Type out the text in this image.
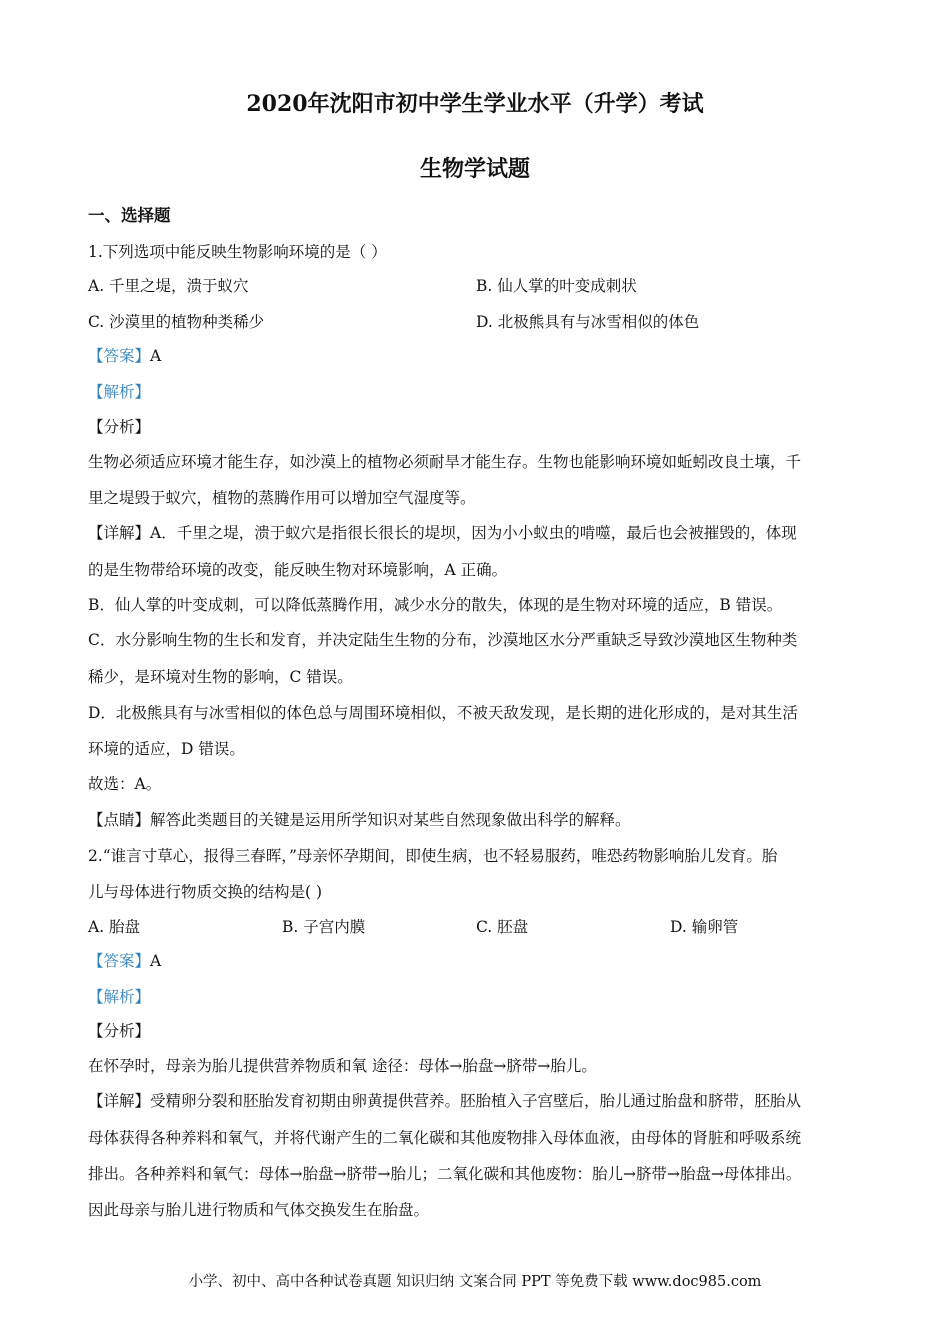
2020年沈阳市初中学生学业水平（升学）考试
生物学试题
一、选择题
1.下列选项中能反映生物影响环境的是（ ）
A. 千里之堤，溃于蚁穴	B. 仙人掌的叶变成刺状
C. 沙漠里的植物种类稀少	D. 北极熊具有与冰雪相似的体色
【答案】A
【解析】
【分析】
生物必须适应环境才能生存，如沙漠上的植物必须耐旱才能生存。生物也能影响环境如蚯蚓改良土壤，千
里之堤毁于蚁穴，植物的蒸腾作用可以增加空气湿度等。
【详解】A．千里之堤，溃于蚁穴是指很长很长的堤坝，因为小小蚁虫的啃噬，最后也会被摧毁的，体现
的是生物带给环境的改变，能反映生物对环境影响，A 正确。
B．仙人掌的叶变成刺，可以降低蒸腾作用，减少水分的散失，体现的是生物对环境的适应，B 错误。
C．水分影响生物的生长和发育，并决定陆生生物的分布，沙漠地区水分严重缺乏导致沙漠地区生物种类
稀少，是环境对生物的影响，C 错误。
D．北极熊具有与冰雪相似的体色总与周围环境相似，不被天敌发现，是长期的进化形成的，是对其生活
环境的适应，D 错误。
故选：A。
【点睛】解答此类题目的关键是运用所学知识对某些自然现象做出科学的解释。
2.“谁言寸草心，报得三春晖，”母亲怀孕期间，即使生病，也不轻易服药，唯恐药物影响胎儿发育。胎
儿与母体进行物质交换的结构是( )
A. 胎盘	B. 子宫内膜	C. 胚盘	D. 输卵管
【答案】A
【解析】
【分析】
在怀孕时，母亲为胎儿提供营养物质和氧 途径：母体→胎盘→脐带→胎儿。
【详解】受精卵分裂和胚胎发育初期由卵黄提供营养。胚胎植入子宫壁后，胎儿通过胎盘和脐带，胚胎从
母体获得各种养料和氧气，并将代谢产生的二氧化碳和其他废物排入母体血液，由母体的肾脏和呼吸系统
排出。各种养料和氧气：母体→胎盘→脐带→胎儿；二氧化碳和其他废物：胎儿→脐带→胎盘→母体排出。
因此母亲与胎儿进行物质和气体交换发生在胎盘。
小学、初中、高中各种试卷真题 知识归纳 文案合同 PPT 等免费下载 www.doc985.com
